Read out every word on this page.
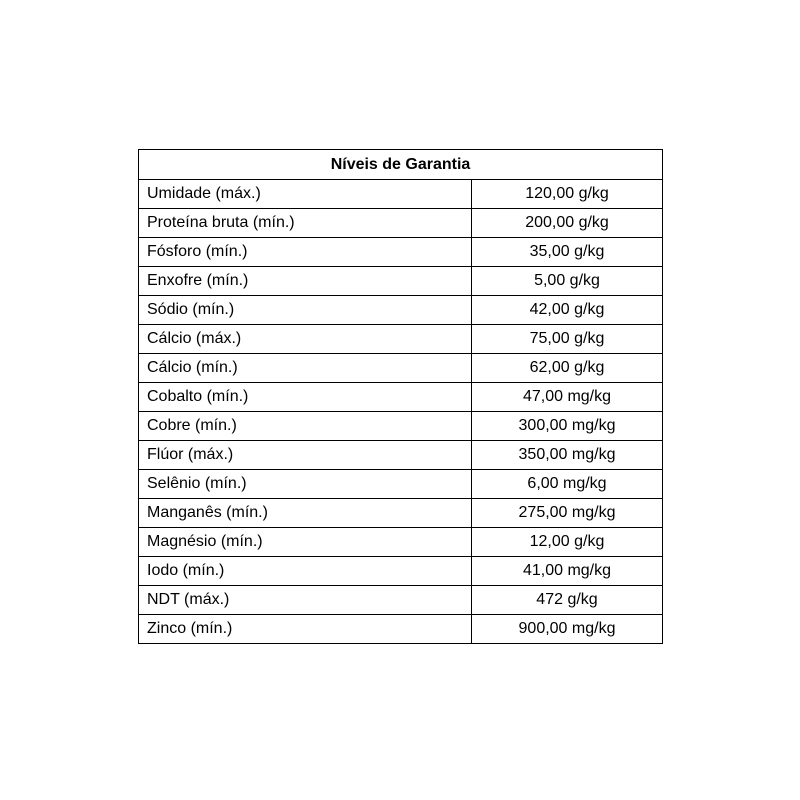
Níveis de Garantia	
Umidade (máx.)	120,00 g/kg
Proteína bruta (mín.)	200,00 g/kg
Fósforo (mín.)	35,00 g/kg
Enxofre (mín.)	5,00 g/kg
Sódio (mín.)	42,00 g/kg
Cálcio (máx.)	75,00 g/kg
Cálcio (mín.)	62,00 g/kg
Cobalto (mín.)	47,00 mg/kg
Cobre (mín.)	300,00 mg/kg
Flúor (máx.)	350,00 mg/kg
Selênio (mín.)	6,00 mg/kg
Manganês (mín.)	275,00 mg/kg
Magnésio (mín.)	12,00 g/kg
Iodo (mín.)	41,00 mg/kg
NDT (máx.)	472 g/kg
Zinco (mín.)	900,00 mg/kg
